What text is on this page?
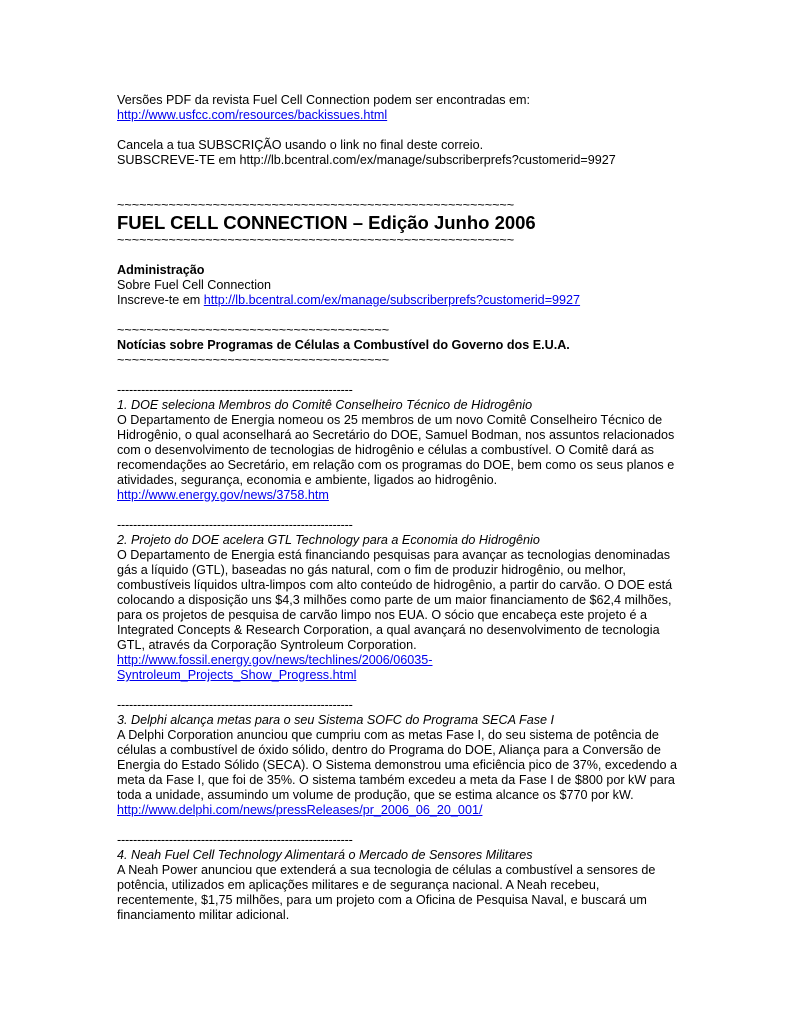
Versões PDF da revista Fuel Cell Connection podem ser encontradas em:
http://www.usfcc.com/resources/backissues.html
Cancela a tua SUBSCRIÇÃO usando o link no final deste correio.
SUBSCREVE-TE em http://lb.bcentral.com/ex/manage/subscriberprefs?customerid=9927
~~~~~~~~~~~~~~~~~~~~~~~~~~~~~~~~~~~~~~~~~~~~~~~~~~~~~~
FUEL CELL CONNECTION – Edição Junho 2006
~~~~~~~~~~~~~~~~~~~~~~~~~~~~~~~~~~~~~~~~~~~~~~~~~~~~~~
Administração
Sobre Fuel Cell Connection
Inscreve-te em http://lb.bcentral.com/ex/manage/subscriberprefs?customerid=9927
~~~~~~~~~~~~~~~~~~~~~~~~~~~~~~~~~~~~~
Notícias sobre Programas de Células a Combustível do Governo dos E.U.A.
~~~~~~~~~~~~~~~~~~~~~~~~~~~~~~~~~~~~~
-----------------------------------------------------------
1. DOE seleciona Membros do Comitê Conselheiro Técnico de Hidrogênio
O Departamento de Energia nomeou os 25 membros de um novo Comitê Conselheiro Técnico de Hidrogênio, o qual aconselhará ao Secretário do DOE, Samuel Bodman, nos assuntos relacionados com o desenvolvimento de tecnologias de hidrogênio e células a combustível. O Comitê dará as recomendações ao Secretário, em relação com os programas do DOE, bem como os seus planos e atividades, segurança, economia e ambiente, ligados ao hidrogênio.
http://www.energy.gov/news/3758.htm
-----------------------------------------------------------
2. Projeto do DOE acelera GTL Technology para a Economia do Hidrogênio
O Departamento de Energia está financiando pesquisas para avançar as tecnologias denominadas gás a líquido (GTL), baseadas no gás natural, com o fim de produzir hidrogênio, ou melhor, combustíveis líquidos ultra-limpos com alto conteúdo de hidrogênio, a partir do carvão. O DOE está colocando a disposição uns $4,3 milhões como parte de um maior financiamento de $62,4 milhões, para os projetos de pesquisa de carvão limpo nos EUA. O sócio que encabeça este projeto é a Integrated Concepts & Research Corporation, a qual avançará no desenvolvimento de tecnologia GTL, através da Corporação Syntroleum Corporation.
http://www.fossil.energy.gov/news/techlines/2006/06035-
Syntroleum_Projects_Show_Progress.html
-----------------------------------------------------------
3. Delphi alcança metas para o seu Sistema SOFC do Programa SECA Fase I
A Delphi Corporation anunciou que cumpriu com as metas Fase I, do seu sistema de potência de células a combustível de óxido sólido, dentro do Programa do DOE, Aliança para a Conversão de Energia do Estado Sólido (SECA). O Sistema demonstrou uma eficiência pico de 37%, excedendo a meta da Fase I, que foi de 35%. O sistema também excedeu a meta da Fase I de $800 por kW para toda a unidade, assumindo um volume de produção, que se estima alcance os $770 por kW.
http://www.delphi.com/news/pressReleases/pr_2006_06_20_001/
-----------------------------------------------------------
4. Neah Fuel Cell Technology Alimentará o Mercado de Sensores Militares
A Neah Power anunciou que extenderá a sua tecnologia de células a combustível a sensores de potência, utilizados em aplicações militares e de segurança nacional. A Neah recebeu, recentemente, $1,75 milhões, para um projeto com a Oficina de Pesquisa Naval, e buscará um financiamento militar adicional.
